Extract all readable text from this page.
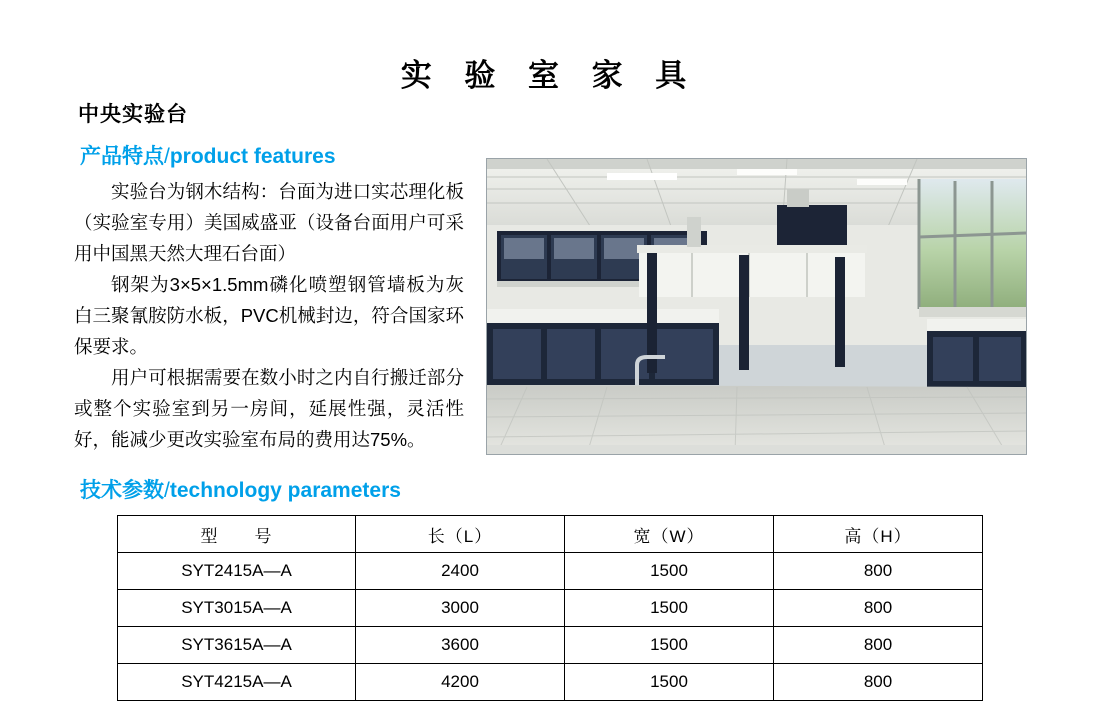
实 验 室 家 具
中央实验台
产品特点/product features

实验台为钢木结构：台面为进口实芯理化板（实验室专用）美国威盛亚（设备台面用户可采用中国黑天然大理石台面）

钢架为3×5×1.5mm磷化喷塑钢管墙板为灰白三聚氰胺防水板，PVC机械封边，符合国家环保要求。

用户可根据需要在数小时之内自行搬迁部分或整个实验室到另一房间，延展性强，灵活性好，能减少更改实验室布局的费用达75%。

技术参数/technology parameters
型　　号	长（L）	宽（W）	高（H）
SYT2415A—A	2400	1500	800
SYT3015A—A	3000	1500	800
SYT3615A—A	3600	1500	800
SYT4215A—A	4200	1500	800
